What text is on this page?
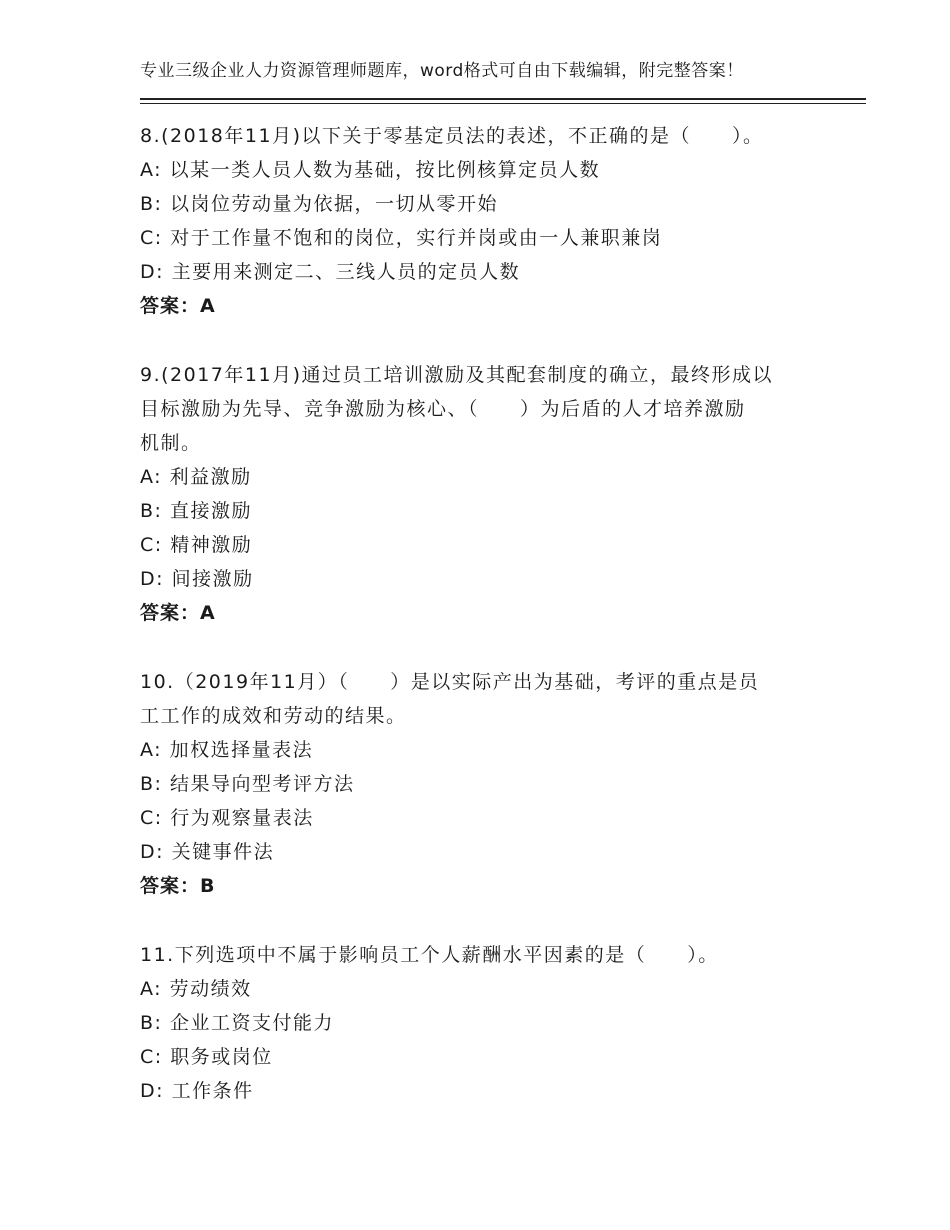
专业三级企业人力资源管理师题库，word格式可自由下载编辑，附完整答案！
8.(2018年11月)以下关于零基定员法的表述，不正确的是（　　）。
A: 以某一类人员人数为基础，按比例核算定员人数
B: 以岗位劳动量为依据，一切从零开始
C: 对于工作量不饱和的岗位，实行并岗或由一人兼职兼岗
D: 主要用来测定二、三线人员的定员人数
答案：A
9.(2017年11月)通过员工培训激励及其配套制度的确立，最终形成以
目标激励为先导、竞争激励为核心、（　　）为后盾的人才培养激励
机制。
A: 利益激励
B: 直接激励
C: 精神激励
D: 间接激励
答案：A
10.（2019年11月）（　　）是以实际产出为基础，考评的重点是员
工工作的成效和劳动的结果。
A: 加权选择量表法
B: 结果导向型考评方法
C: 行为观察量表法
D: 关键事件法
答案：B
11.下列选项中不属于影响员工个人薪酬水平因素的是（　　）。
A: 劳动绩效
B: 企业工资支付能力
C: 职务或岗位
D: 工作条件
